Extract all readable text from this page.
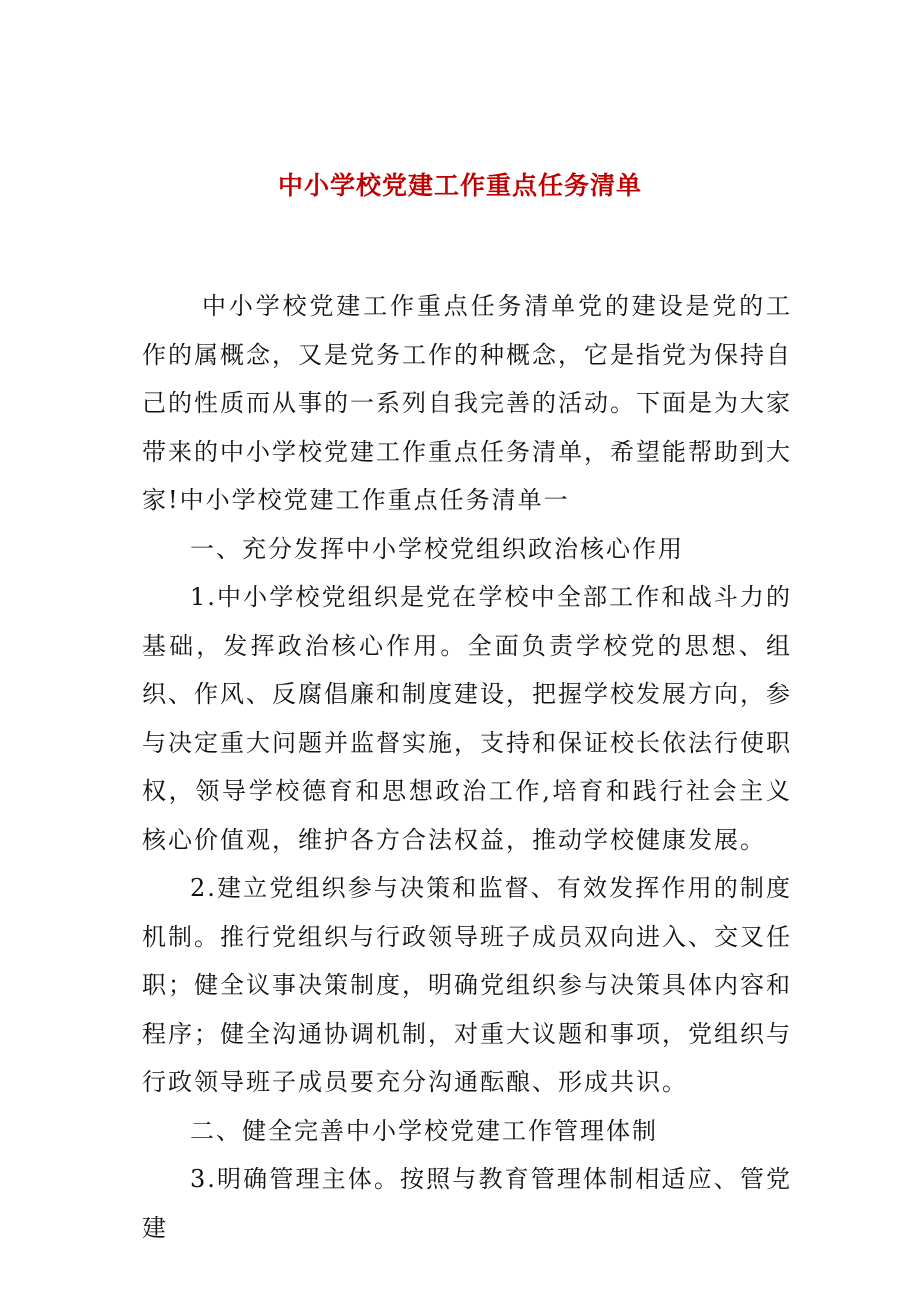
中小学校党建工作重点任务清单

中小学校党建工作重点任务清单党的建设是党的工作的属概念，又是党务工作的种概念，它是指党为保持自己的性质而从事的一系列自我完善的活动。下面是为大家带来的中小学校党建工作重点任务清单，希望能帮助到大家!中小学校党建工作重点任务清单一

一、充分发挥中小学校党组织政治核心作用

1.中小学校党组织是党在学校中全部工作和战斗力的基础，发挥政治核心作用。全面负责学校党的思想、组织、作风、反腐倡廉和制度建设，把握学校发展方向，参与决定重大问题并监督实施，支持和保证校长依法行使职权，领导学校德育和思想政治工作,培育和践行社会主义核心价值观，维护各方合法权益，推动学校健康发展。

2.建立党组织参与决策和监督、有效发挥作用的制度机制。推行党组织与行政领导班子成员双向进入、交叉任职；健全议事决策制度，明确党组织参与决策具体内容和程序；健全沟通协调机制，对重大议题和事项，党组织与行政领导班子成员要充分沟通酝酿、形成共识。

二、健全完善中小学校党建工作管理体制

3.明确管理主体。按照与教育管理体制相适应、管党建
